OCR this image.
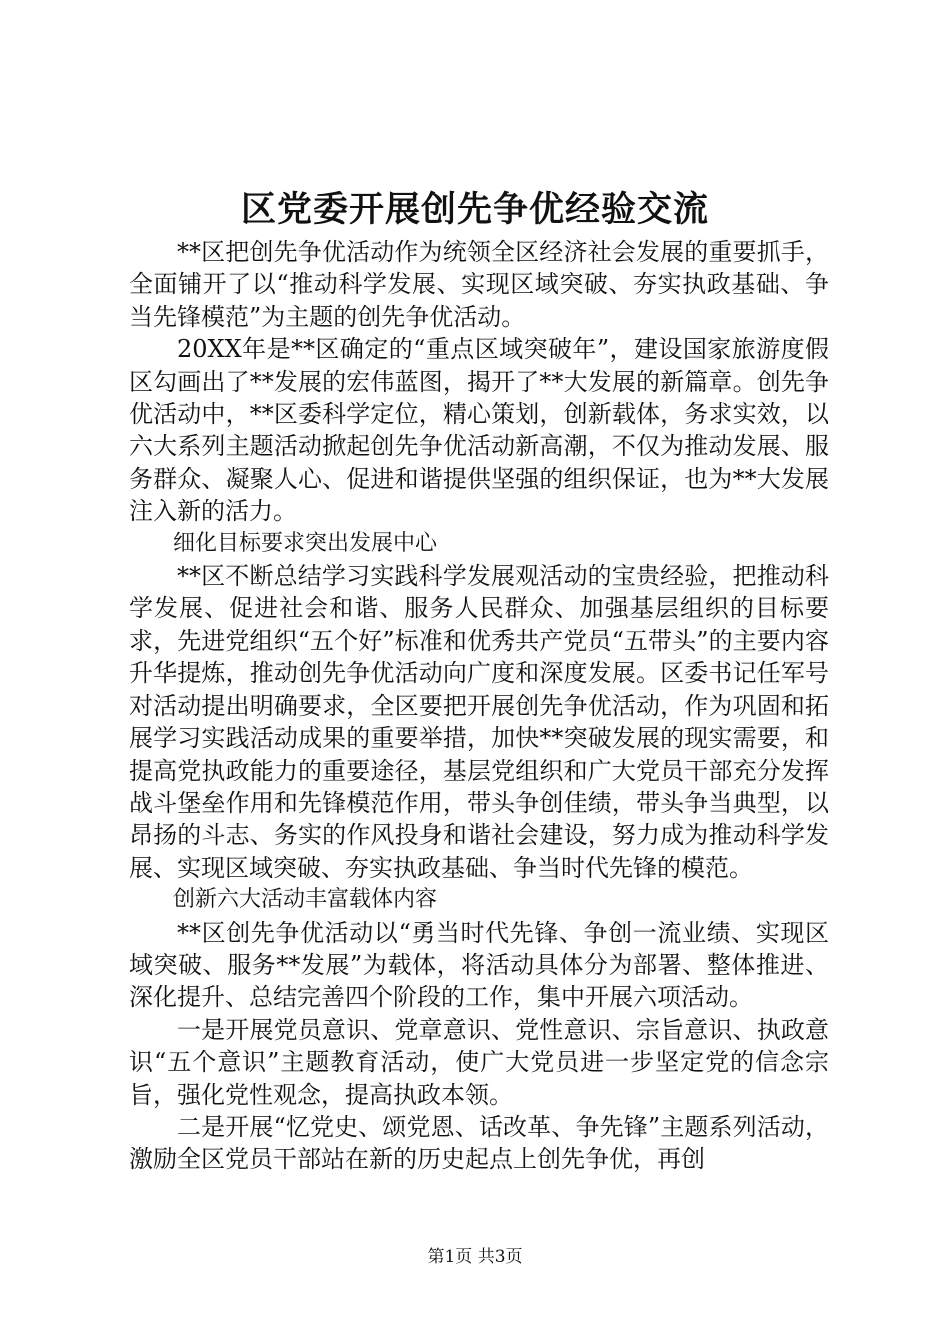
区党委开展创先争优经验交流

**区把创先争优活动作为统领全区经济社会发展的重要抓手，全面铺开了以“推动科学发展、实现区域突破、夯实执政基础、争当先锋模范”为主题的创先争优活动。

20XX年是**区确定的“重点区域突破年”，建设国家旅游度假区勾画出了**发展的宏伟蓝图，揭开了**大发展的新篇章。创先争优活动中，**区委科学定位，精心策划，创新载体，务求实效，以六大系列主题活动掀起创先争优活动新高潮，不仅为推动发展、服务群众、凝聚人心、促进和谐提供坚强的组织保证，也为**大发展注入新的活力。

细化目标要求突出发展中心

**区不断总结学习实践科学发展观活动的宝贵经验，把推动科学发展、促进社会和谐、服务人民群众、加强基层组织的目标要求，先进党组织“五个好”标准和优秀共产党员“五带头”的主要内容升华提炼，推动创先争优活动向广度和深度发展。区委书记任军号对活动提出明确要求，全区要把开展创先争优活动，作为巩固和拓展学习实践活动成果的重要举措，加快**突破发展的现实需要，和提高党执政能力的重要途径，基层党组织和广大党员干部充分发挥战斗堡垒作用和先锋模范作用，带头争创佳绩，带头争当典型，以昂扬的斗志、务实的作风投身和谐社会建设，努力成为推动科学发展、实现区域突破、夯实执政基础、争当时代先锋的模范。

创新六大活动丰富载体内容

**区创先争优活动以“勇当时代先锋、争创一流业绩、实现区域突破、服务**发展”为载体，将活动具体分为部署、整体推进、深化提升、总结完善四个阶段的工作，集中开展六项活动。

一是开展党员意识、党章意识、党性意识、宗旨意识、执政意识“五个意识”主题教育活动，使广大党员进一步坚定党的信念宗旨，强化党性观念，提高执政本领。

二是开展“忆党史、颂党恩、话改革、争先锋”主题系列活动，激励全区党员干部站在新的历史起点上创先争优，再创

第1页 共3页
